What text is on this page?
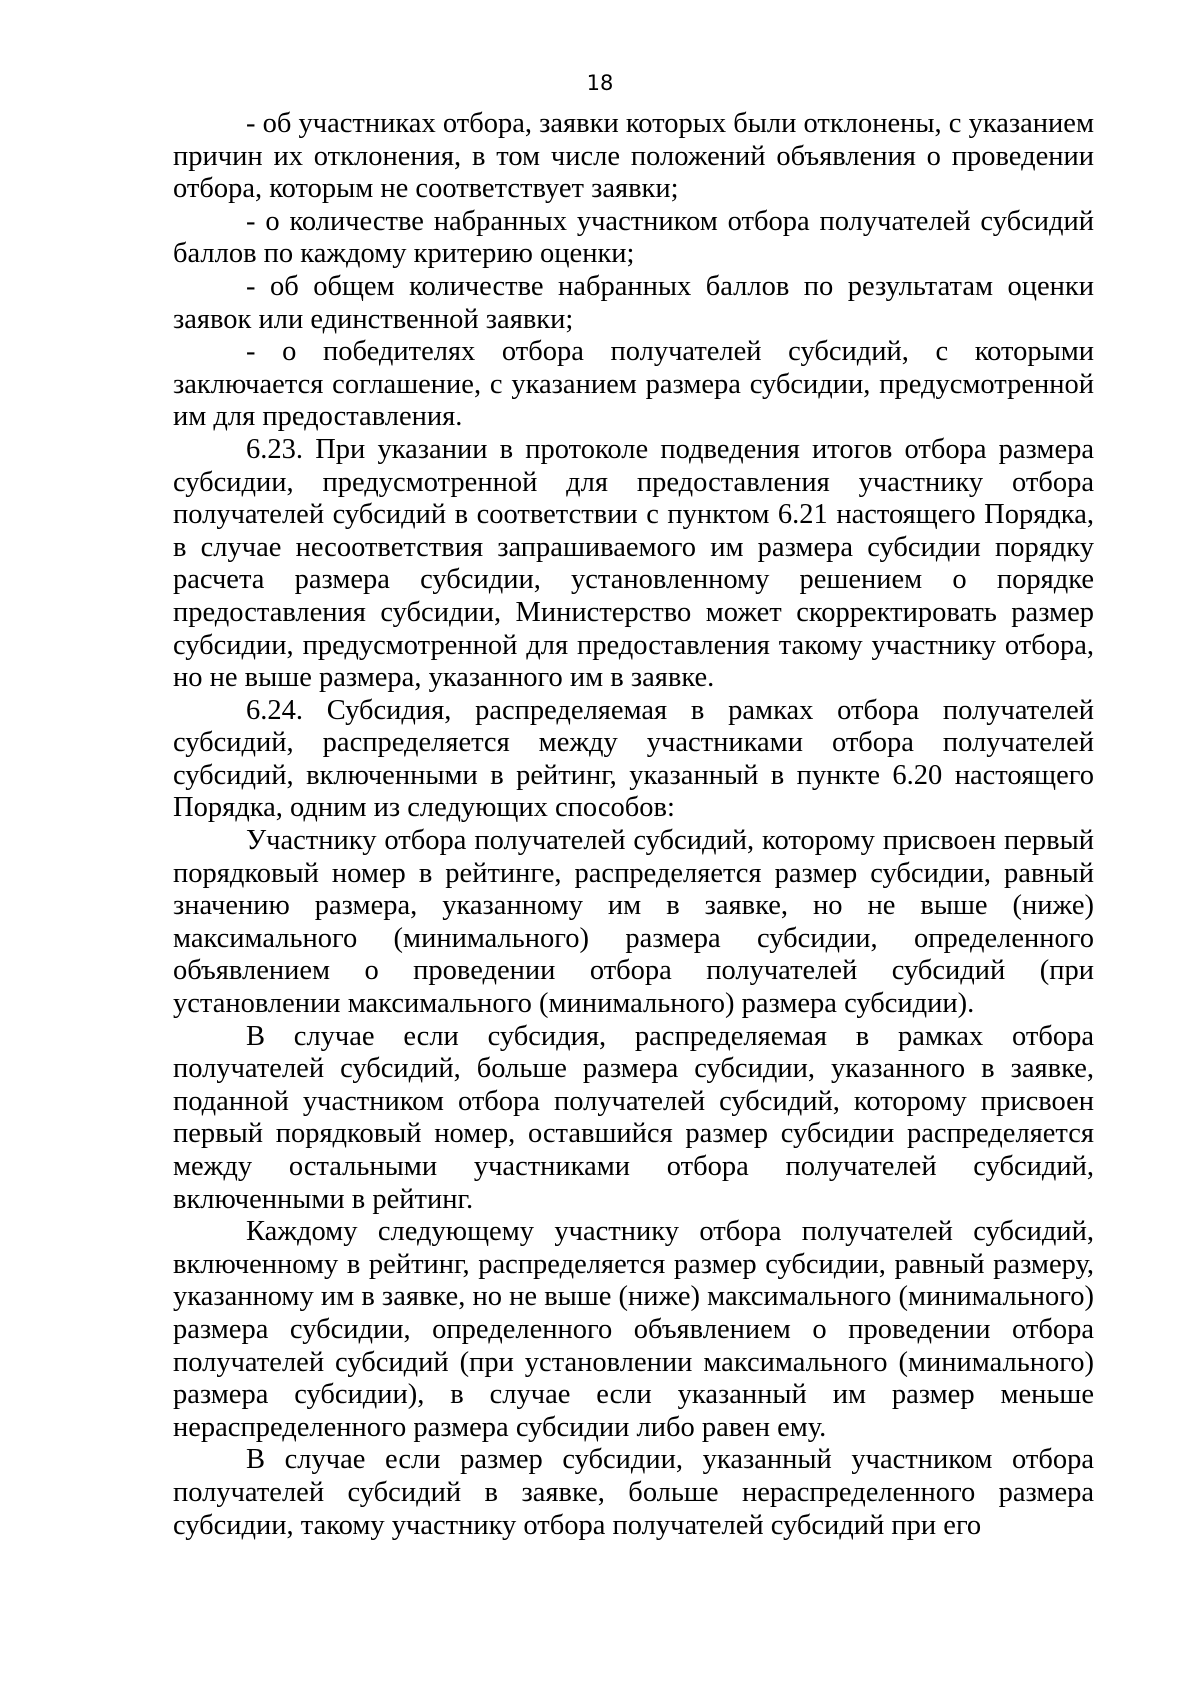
18

- об участниках отбора, заявки которых были отклонены, с указанием причин их отклонения, в том числе положений объявления о проведении отбора, которым не соответствует заявки;

- о количестве набранных участником отбора получателей субсидий баллов по каждому критерию оценки;

- об общем количестве набранных баллов по результатам оценки заявок или единственной заявки;

- о победителях отбора получателей субсидий, с которыми заключается соглашение, с указанием размера субсидии, предусмотренной им для предоставления.

6.23. При указании в протоколе подведения итогов отбора размера субсидии, предусмотренной для предоставления участнику отбора получателей субсидий в соответствии с пунктом 6.21 настоящего Порядка, в случае несоответствия запрашиваемого им размера субсидии порядку расчета размера субсидии, установленному решением о порядке предоставления субсидии, Министерство может скорректировать размер субсидии, предусмотренной для предоставления такому участнику отбора, но не выше размера, указанного им в заявке.

6.24. Субсидия, распределяемая в рамках отбора получателей субсидий, распределяется между участниками отбора получателей субсидий, включенными в рейтинг, указанный в пункте 6.20 настоящего Порядка, одним из следующих способов:

Участнику отбора получателей субсидий, которому присвоен первый порядковый номер в рейтинге, распределяется размер субсидии, равный значению размера, указанному им в заявке, но не выше (ниже) максимального (минимального) размера субсидии, определенного объявлением о проведении отбора получателей субсидий (при установлении максимального (минимального) размера субсидии).

В случае если субсидия, распределяемая в рамках отбора получателей субсидий, больше размера субсидии, указанного в заявке, поданной участником отбора получателей субсидий, которому присвоен первый порядковый номер, оставшийся размер субсидии распределяется между остальными участниками отбора получателей субсидий, включенными в рейтинг.

Каждому следующему участнику отбора получателей субсидий, включенному в рейтинг, распределяется размер субсидии, равный размеру, указанному им в заявке, но не выше (ниже) максимального (минимального) размера субсидии, определенного объявлением о проведении отбора получателей субсидий (при установлении максимального (минимального) размера субсидии), в случае если указанный им размер меньше нераспределенного размера субсидии либо равен ему.

В случае если размер субсидии, указанный участником отбора получателей субсидий в заявке, больше нераспределенного размера субсидии, такому участнику отбора получателей субсидий при его
